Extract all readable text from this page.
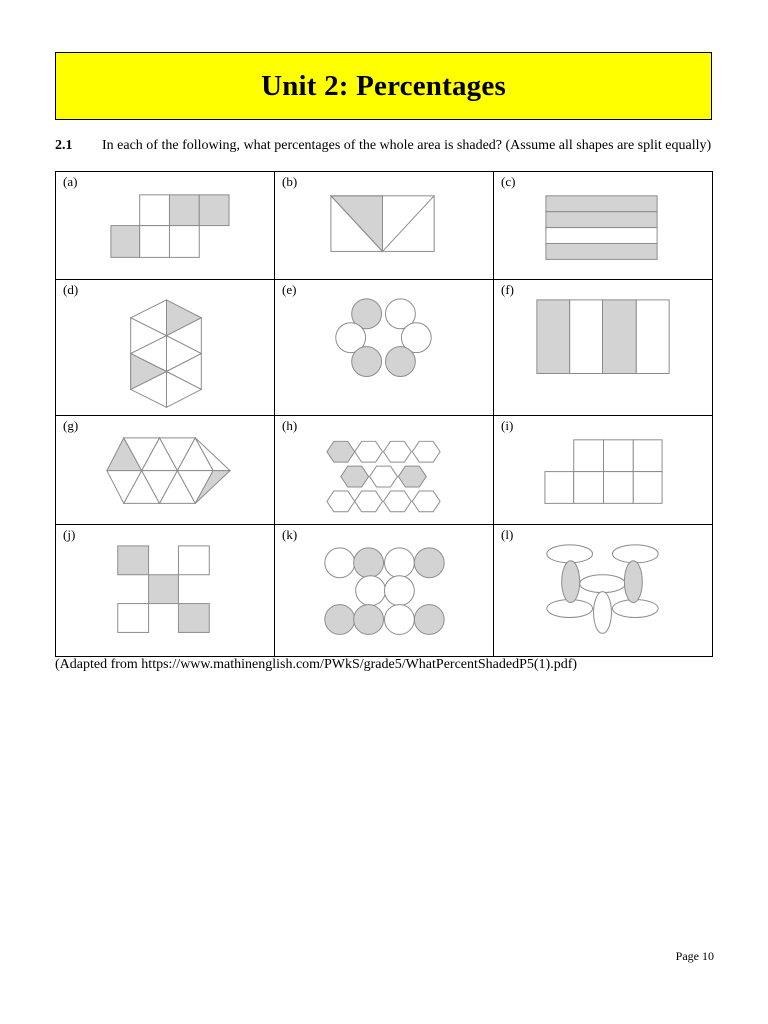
Unit 2: Percentages
2.1 In each of the following, what percentages of the whole area is shaded? (Assume all shapes are split equally)
(a)	(b)	(c)

(d)	(e)	(f)

(g)	(h)	(i)

(j)	(k)	(l)
(Adapted from https://www.mathinenglish.com/PWkS/grade5/WhatPercentShadedP5(1).pdf)
Page 10
